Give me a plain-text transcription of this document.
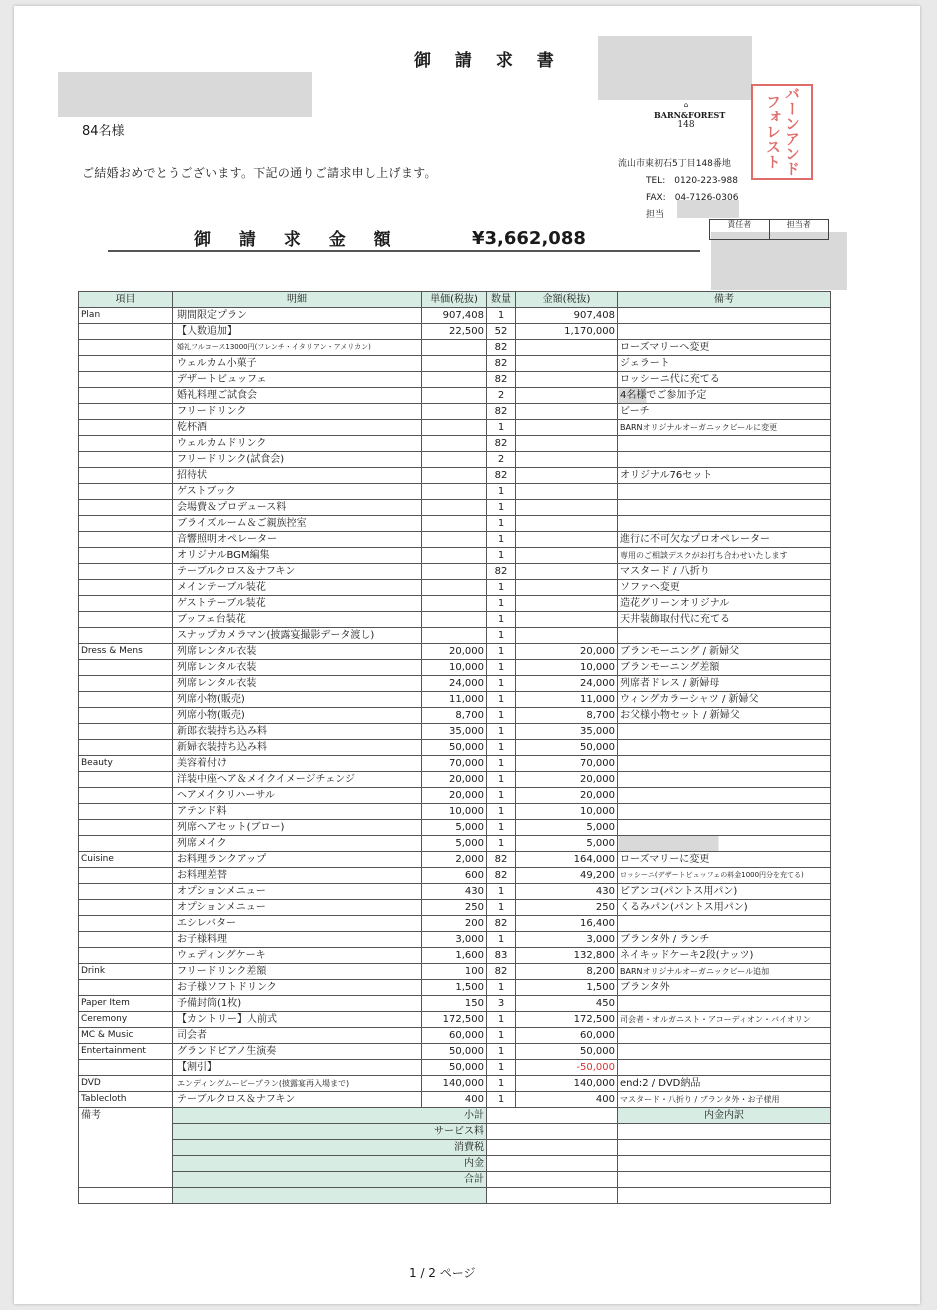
御 請 求 書
84名様
ご結婚おめでとうございます。下記の通りご請求申し上げます。
⌂
BARN&FOREST
148	バーンアンドフォレスト
流山市東初石5丁目148番地
TEL:　0120-223-988
FAX:　04-7126-0306
担当
責任者	担当者
御 請 求 金 額	¥3,662,088
項目	明細	単価(税抜)	数量	金額(税抜)	備考
Plan	期間限定プラン	907,408	1	907,408	
	【人数追加】	22,500	52	1,170,000	
	婚礼フルコース13000円(フレンチ・イタリアン・アメリカン)		82		ローズマリーへ変更
	ウェルカム小菓子		82		ジェラート
	デザートビュッフェ		82		ロッシーニ代に充てる
	婚礼料理ご試食会		2		4名様でご参加予定
	フリードリンク		82		ビーチ
	乾杯酒		1		BARNオリジナルオーガニックビールに変更
	ウェルカムドリンク		82		
	フリードリンク(試食会)		2		
	招待状		82		オリジナル76セット
	ゲストブック		1		
	会場費＆プロデュース料		1		
	ブライズルーム＆ご親族控室		1		
	音響照明オペレーター		1		進行に不可欠なプロオペレーター
	オリジナルBGM編集		1		専用のご相談デスクがお打ち合わせいたします
	テーブルクロス＆ナフキン		82		マスタード / 八折り
	メインテーブル装花		1		ソファへ変更
	ゲストテーブル装花		1		造花グリーンオリジナル
	ブッフェ台装花		1		天井装飾取付代に充てる
	スナップカメラマン(披露宴撮影データ渡し)		1		
Dress & Mens	列席レンタル衣装	20,000	1	20,000	ブランモーニング / 新婦父
	列席レンタル衣装	10,000	1	10,000	ブランモーニング差額
	列席レンタル衣装	24,000	1	24,000	列席者ドレス / 新婦母
	列席小物(販売)	11,000	1	11,000	ウィングカラーシャツ / 新婦父
	列席小物(販売)	8,700	1	8,700	お父様小物セット / 新婦父
	新郎衣装持ち込み料	35,000	1	35,000	
	新婦衣装持ち込み料	50,000	1	50,000	
Beauty	美容着付け	70,000	1	70,000	
	洋装中座ヘア＆メイクイメージチェンジ	20,000	1	20,000	
	ヘアメイクリハーサル	20,000	1	20,000	
	アテンド料	10,000	1	10,000	
	列席ヘアセット(ブロー)	5,000	1	5,000	
	列席メイク	5,000	1	5,000	
Cuisine	お料理ランクアップ	2,000	82	164,000	ローズマリーに変更
	お料理差替	600	82	49,200	ロッシーニ(デザートビュッフェの料金1000円分を充てる)
	オプションメニュー	430	1	430	ピアンコ(パントス用パン)
	オプションメニュー	250	1	250	くるみパン(パントス用パン)
	エシレバター	200	82	16,400	
	お子様料理	3,000	1	3,000	ブランタ外 / ランチ
	ウェディングケーキ	1,600	83	132,800	ネイキッドケーキ2段(ナッツ)
Drink	フリードリンク差額	100	82	8,200	BARNオリジナルオーガニックビール追加
	お子様ソフトドリンク	1,500	1	1,500	ブランタ外
Paper Item	予備封筒(1枚)	150	3	450	
Ceremony	【カントリー】人前式	172,500	1	172,500	司会者・オルガニスト・アコーディオン・バイオリン
MC & Music	司会者	60,000	1	60,000	
Entertainment	グランドピアノ生演奏	50,000	1	50,000	
	【割引】	50,000	1	-50,000	
DVD	エンディングムービープラン(披露宴再入場まで)	140,000	1	140,000	end:2 / DVD納品
Tablecloth	テーブルクロス＆ナフキン	400	1	400	マスタード・八折り / ブランタ外・お子様用
備考	小計				内金内訳
	サービス料				
	消費税				
	内金				
	合計				

1 / 2 ページ
